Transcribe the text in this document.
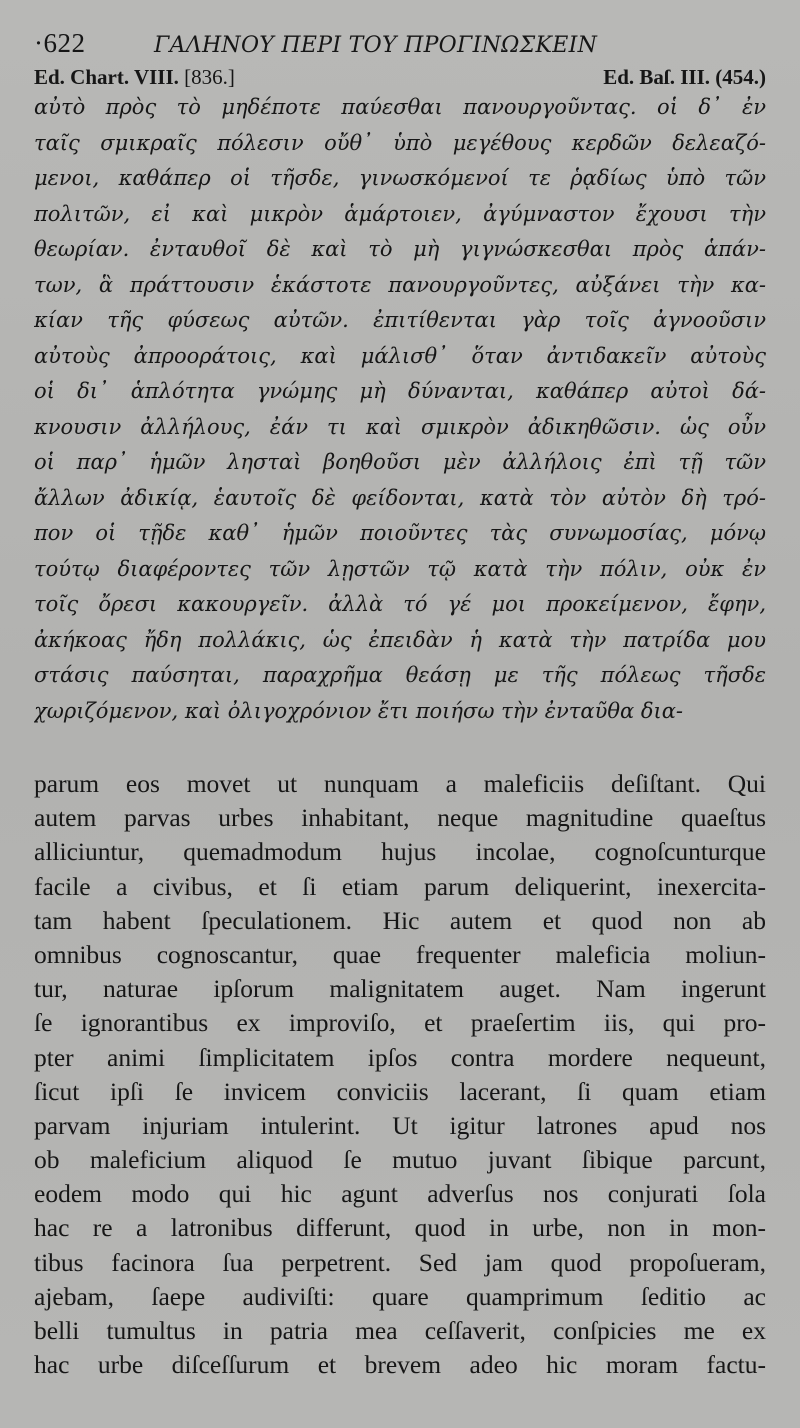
·622	ΓΑΛΗΝΟΥ ΠΕΡΙ ΤΟΥ ΠΡΟΓΙΝΩΣΚΕΙΝ
Ed. Chart. VIII. [836.]	Ed. Baſ. III. (454.)
αὐτὸ πρὸς τὸ μηδέποτε παύεσθαι πανουργοῦντας. οἱ δ᾽ ἐν
ταῖς σμικραῖς πόλεσιν οὔθ᾽ ὑπὸ μεγέθους κερδῶν δελεαζό-
μενοι, καθάπερ οἱ τῆσδε, γινωσκόμενοί τε ῥᾳδίως ὑπὸ τῶν
πολιτῶν, εἰ καὶ μικρὸν ἁμάρτοιεν, ἀγύμναστον ἔχουσι τὴν
θεωρίαν. ἐνταυθοῖ δὲ καὶ τὸ μὴ γιγνώσκεσθαι πρὸς ἁπάν-
των, ἃ πράττουσιν ἑκάστοτε πανουργοῦντες, αὐξάνει τὴν κα-
κίαν τῆς φύσεως αὐτῶν. ἐπιτίθενται γὰρ τοῖς ἀγνοοῦσιν
αὐτοὺς ἀπροοράτοις, καὶ μάλισθ᾽ ὅταν ἀντιδακεῖν αὐτοὺς
οἱ δι᾽ ἁπλότητα γνώμης μὴ δύνανται, καθάπερ αὐτοὶ δά-
κνουσιν ἀλλήλους, ἐάν τι καὶ σμικρὸν ἀδικηθῶσιν. ὡς οὖν
οἱ παρ᾽ ἡμῶν λησταὶ βοηθοῦσι μὲν ἀλλήλοις ἐπὶ τῇ τῶν
ἄλλων ἀδικίᾳ, ἑαυτοῖς δὲ φείδονται, κατὰ τὸν αὐτὸν δὴ τρό-
πον οἱ τῇδε καθ᾽ ἡμῶν ποιοῦντες τὰς συνωμοσίας, μόνῳ
τούτῳ διαφέροντες τῶν λῃστῶν τῷ κατὰ τὴν πόλιν, οὐκ ἐν
τοῖς ὄρεσι κακουργεῖν. ἀλλὰ τό γέ μοι προκείμενον, ἔφην,
ἀκήκοας ἤδη πολλάκις, ὡς ἐπειδὰν ἡ κατὰ τὴν πατρίδα μου
στάσις παύσηται, παραχρῆμα θεάσῃ με τῆς πόλεως τῆσδε
χωριζόμενον, καὶ ὀλιγοχρόνιον ἔτι ποιήσω τὴν ἐνταῦθα δια-
parum eos movet ut nunquam a maleficiis deſiſtant. Qui
autem parvas urbes inhabitant, neque magnitudine quaeſtus
alliciuntur, quemadmodum hujus incolae, cognoſcunturque
facile a civibus, et ſi etiam parum deliquerint, inexercita-
tam habent ſpeculationem. Hic autem et quod non ab
omnibus cognoscantur, quae frequenter maleficia moliun-
tur, naturae ipſorum malignitatem auget. Nam ingerunt
ſe ignorantibus ex improviſo, et praeſertim iis, qui pro-
pter animi ſimplicitatem ipſos contra mordere nequeunt,
ſicut ipſi ſe invicem conviciis lacerant, ſi quam etiam
parvam injuriam intulerint. Ut igitur latrones apud nos
ob maleficium aliquod ſe mutuo juvant ſibique parcunt,
eodem modo qui hic agunt adverſus nos conjurati ſola
hac re a latronibus differunt, quod in urbe, non in mon-
tibus facinora ſua perpetrent. Sed jam quod propoſueram,
ajebam, ſaepe audiviſti: quare quamprimum ſeditio ac
belli tumultus in patria mea ceſſaverit, conſpicies me ex
hac urbe diſceſſurum et brevem adeo hic moram factu-
